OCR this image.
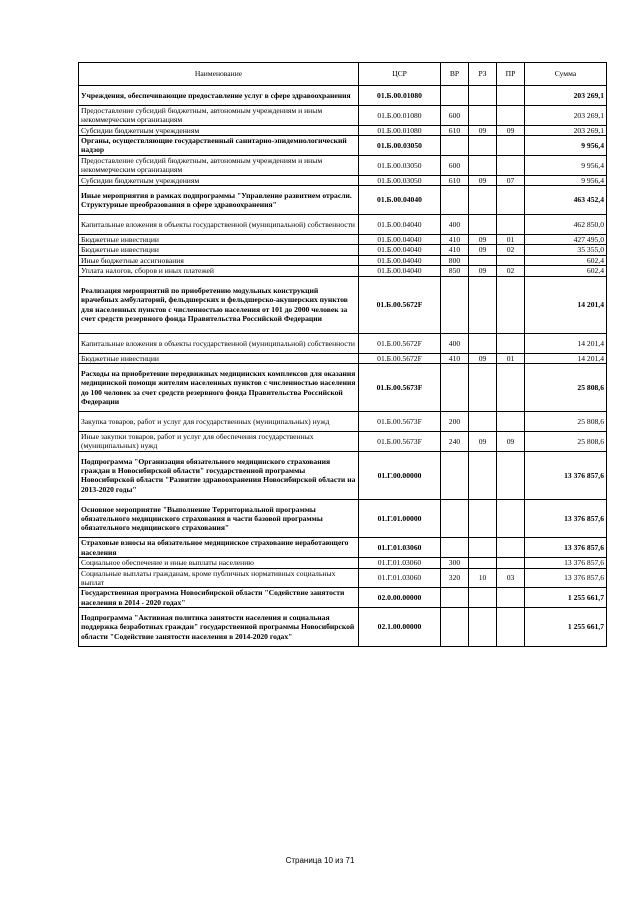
Наименование	ЦСР	ВР	РЗ	ПР	Сумма
Учреждения, обеспечивающие предоставление услуг в сфере здравоохранения	01.Б.00.01080				203 269,1
Предоставление субсидий бюджетным, автономным учреждениям и иным некоммерческим организациям	01.Б.00.01080	600			203 269,1
Субсидии бюджетным учреждениям	01.Б.00.01080	610	09	09	203 269,1
Органы, осуществляющие государственный санитарно-эпидемиологический надзор	01.Б.00.03050				9 956,4
Предоставление субсидий бюджетным, автономным учреждениям и иным некоммерческим организациям	01.Б.00.03050	600			9 956,4
Субсидии бюджетным учреждениям	01.Б.00.03050	610	09	07	9 956,4
Иные мероприятия в рамках подпрограммы "Управление развитием отрасли. Структурные преобразования в сфере здравоохранения"	01.Б.00.04040				463 452,4
Капитальные вложения в объекты государственной (муниципальной) собственности	01.Б.00.04040	400			462 850,0
Бюджетные инвестиции	01.Б.00.04040	410	09	01	427 495,0
Бюджетные инвестиции	01.Б.00.04040	410	09	02	35 355,0
Иные бюджетные ассигнования	01.Б.00.04040	800			602,4
Уплата налогов, сборов и иных платежей	01.Б.00.04040	850	09	02	602,4
Реализация мероприятий по приобретению модульных конструкций врачебных амбулаторий, фельдшерских и фельдшерско-акушерских пунктов для населенных пунктов с численностью населения от 101 до 2000 человек за счет средств резервного фонда Правительства Российской Федерации	01.Б.00.5672F				14 201,4
Капитальные вложения в объекты государственной (муниципальной) собственности	01.Б.00.5672F	400			14 201,4
Бюджетные инвестиции	01.Б.00.5672F	410	09	01	14 201,4
Расходы на приобретение передвижных медицинских комплексов для оказания медицинской помощи жителям населенных пунктов с численностью населения до 100 человек за счет средств резервного фонда Правительства Российской Федерации	01.Б.00.5673F				25 808,6
Закупка товаров, работ и услуг для государственных (муниципальных) нужд	01.Б.00.5673F	200			25 808,6
Иные закупки товаров, работ и услуг для обеспечения государственных (муниципальных) нужд	01.Б.00.5673F	240	09	09	25 808,6
Подпрограмма "Организация обязательного медицинского страхования граждан в Новосибирской области" государственной программы Новосибирской области "Развитие здравоохранения Новосибирской области на 2013-2020 годы"	01.Г.00.00000				13 376 857,6
Основное мероприятие "Выполнение Территориальной программы обязательного медицинского страхования в части базовой программы обязательного медицинского страхования"	01.Г.01.00000				13 376 857,6
Страховые взносы на обязательное медицинское страхование неработающего населения	01.Г.01.03060				13 376 857,6
Социальное обеспечение и иные выплаты населению	01.Г.01.03060	300			13 376 857,6
Социальные выплаты гражданам, кроме публичных нормативных социальных выплат	01.Г.01.03060	320	10	03	13 376 857,6
Государственная программа Новосибирской области "Содействие занятости населения в 2014 - 2020 годах"	02.0.00.00000				1 255 661,7
Подпрограмма "Активная политика занятости населения и социальная поддержка безработных граждан" государственной программы Новосибирской области "Содействие занятости населения в 2014-2020 годах"	02.1.00.00000				1 255 661,7
Страница 10 из 71
